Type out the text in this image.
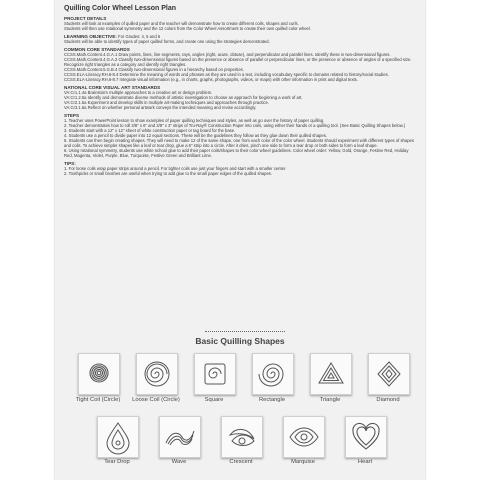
Quilling Color Wheel Lesson Plan

PROJECT DETAILS

Students will look at examples of quilled paper and the teacher will demonstrate how to create different coils, shapes and curls.

Students will then use rotational symmetry and the 12 colors from the Color Wheel Assortment to create their own quilled color wheel.

LEARNING OBJECTIVE: For Grades: 4, 5 and 6

Students will be able to identify types of paper quilled forms, and create one using the strategies demonstrated.

COMMON CORE STANDARDS

CCSS.Math.Content.4.G.A.1 Draw points, lines, line segments, rays, angles (right, acute, obtuse), and perpendicular and parallel lines. Identify these in two-dimensional figures.

CCSS.Math.Content.4.G.A.2 Classify two-dimensional figures based on the presence or absence of parallel or perpendicular lines, or the presence or absence of angles of a specified size. Recognize right triangles as a category and identify right triangles.

CCSS.Math.Content.5.G.B.4 Classify two-dimensional figures in a hierarchy based on properties.

CCSS.ELA-Literacy.RH.6-8.4 Determine the meaning of words and phrases as they are used in a text, including vocabulary specific to domains related to history/social studies.

CCSS.ELA-Literacy.RH.6-8.7 Integrate visual information (e.g., in charts, graphs, photographs, videos, or maps) with other information in print and digital texts.

NATIONAL CORE VISUAL ART STANDARDS

VA:Cr1.1.4a Brainstorm multiple approaches to a creative art or design problem.

VA:Cr1.2.5a Identify and demonstrate diverse methods of artistic investigation to choose an approach for beginning a work of art.

VA:Cr2.1.5a Experiment and develop skills in multiple art-making techniques and approaches through practice.

VA:Cr3.1.6a Reflect on whether personal artwork conveys the intended meaning and revise accordingly.

STEPS

1. Teacher uses PowerPoint lesson to show examples of paper quilling techniques and styles, as well as go over the history of paper quilling.

2. Teacher demonstrates how to roll 3/8" x 6" and 3/8" x 3" strips of Tru-Ray® Construction Paper into coils, using either their hands or a quilling tool. (See Basic Quilling Shapes below.)

3. Students start with a 12" x 12" sheet of white construction paper or tag board for the base.

4. Students use a pencil to divide paper into 12 equal sections. These will be the guidelines they follow as they glue down their quilled shapes.

5. Students can then begin creating shapes. They will need to make 12 of the same shape, one from each color of the color wheel. Students should experiment with different types of shapes and coils. To achieve simpler shapes like a leaf or tear drop, glue a 6" strip into a circle. After it dries, pinch one side to form a tear drop or both sides to form a leaf shape.

6. Using rotational symmetry, students use white school glue to add their paper coils/shapes to their color wheel guidelines. Color wheel order: Yellow, Gold, Orange, Festive Red, Holiday Red, Magenta, Violet, Purple, Blue, Turquoise, Festive Green and Brilliant Lime.

TIPS:

1. For loose coils wrap paper strips around a pencil. For tighter coils use just your fingers and start with a smaller center.

2. Toothpicks or small brushes are useful when trying to add glue to the small paper edges of the quilled shapes.

Basic Quilling Shapes
Tight Coil (Circle) Loose Coil (Circle)	Square	Rectangle	Triangle	Diamond
Tear Drop	Wave	Crescent	Marquise	Heart
